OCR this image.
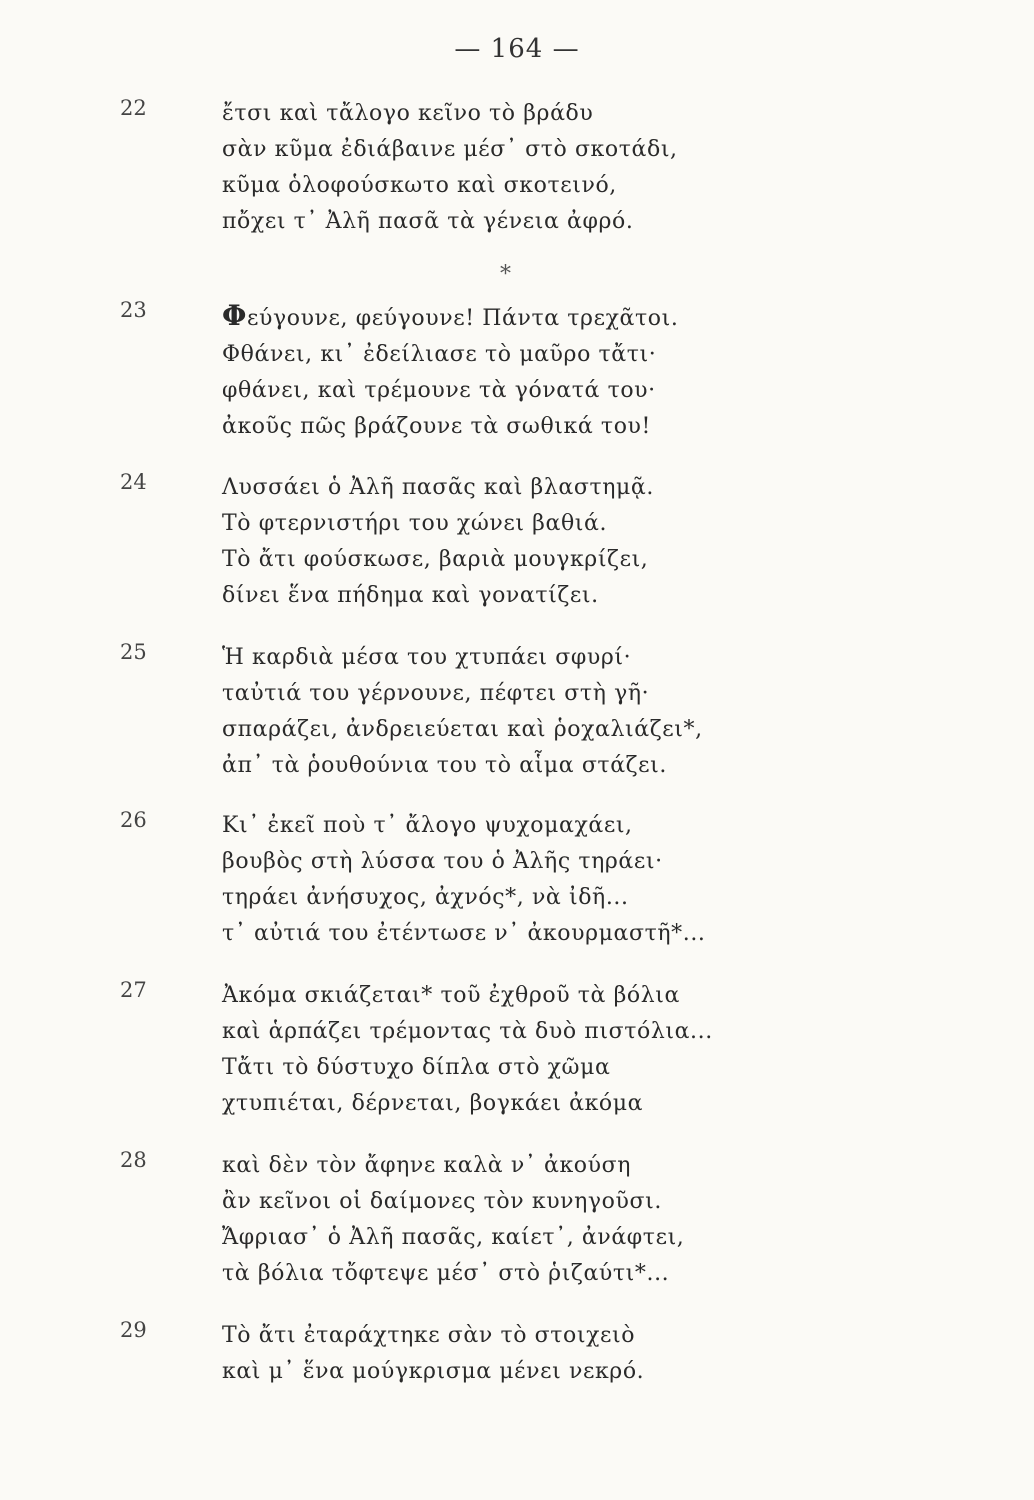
— 164 —
22	ἔτσι καὶ τἄλογο κεῖνο τὸ βράδυ
σὰν κῦμα ἐδιάβαινε μέσ᾽ στὸ σκοτάδι,
κῦμα ὁλοφούσκωτο καὶ σκοτεινό,
πὄχει τ᾽ Ἀλῆ πασᾶ τὰ γένεια ἀφρό.
*
23	Φεύγουνε, φεύγουνε! Πάντα τρεχᾶτοι.
Φθάνει, κι᾽ ἐδείλιασε τὸ μαῦρο τἄτι·
φθάνει, καὶ τρέμουνε τὰ γόνατά του·
ἀκοῦς πῶς βράζουνε τὰ σωθικά του!
24	Λυσσάει ὁ Ἀλῆ πασᾶς καὶ βλαστημᾷ.
Τὸ φτερνιστήρι του χώνει βαθιά.
Τὸ ἄτι φούσκωσε, βαριὰ μουγκρίζει,
δίνει ἕνα πήδημα καὶ γονατίζει.
25	Ἡ καρδιὰ μέσα του χτυπάει σφυρί·
ταὐτιά του γέρνουνε, πέφτει στὴ γῆ·
σπαράζει, ἀνδρειεύεται καὶ ῥοχαλιάζει*,
ἀπ᾽ τὰ ῥουθούνια του τὸ αἷμα στάζει.
26	Κι᾽ ἐκεῖ ποὺ τ᾽ ἄλογο ψυχομαχάει,
βουβὸς στὴ λύσσα του ὁ Ἀλῆς τηράει·
τηράει ἀνήσυχος, ἀχνός*, νὰ ἰδῆ...
τ᾽ αὐτιά του ἐτέντωσε ν᾽ ἀκουρμαστῆ*...
27	Ἀκόμα σκιάζεται* τοῦ ἐχθροῦ τὰ βόλια
καὶ ἁρπάζει τρέμοντας τὰ δυὸ πιστόλια...
Τἄτι τὸ δύστυχο δίπλα στὸ χῶμα
χτυπιέται, δέρνεται, βογκάει ἀκόμα
28	καὶ δὲν τὸν ἄφηνε καλὰ ν᾽ ἀκούση
ἂν κεῖνοι οἱ δαίμονες τὸν κυνηγοῦσι.
Ἄφριασ᾽ ὁ Ἀλῆ πασᾶς, καίετ᾽, ἀνάφτει,
τὰ βόλια τὄφτεψε μέσ᾽ στὸ ῥιζαύτι*...
29	Τὸ ἄτι ἐταράχτηκε σὰν τὸ στοιχειὸ
καὶ μ᾽ ἕνα μούγκρισμα μένει νεκρό.
